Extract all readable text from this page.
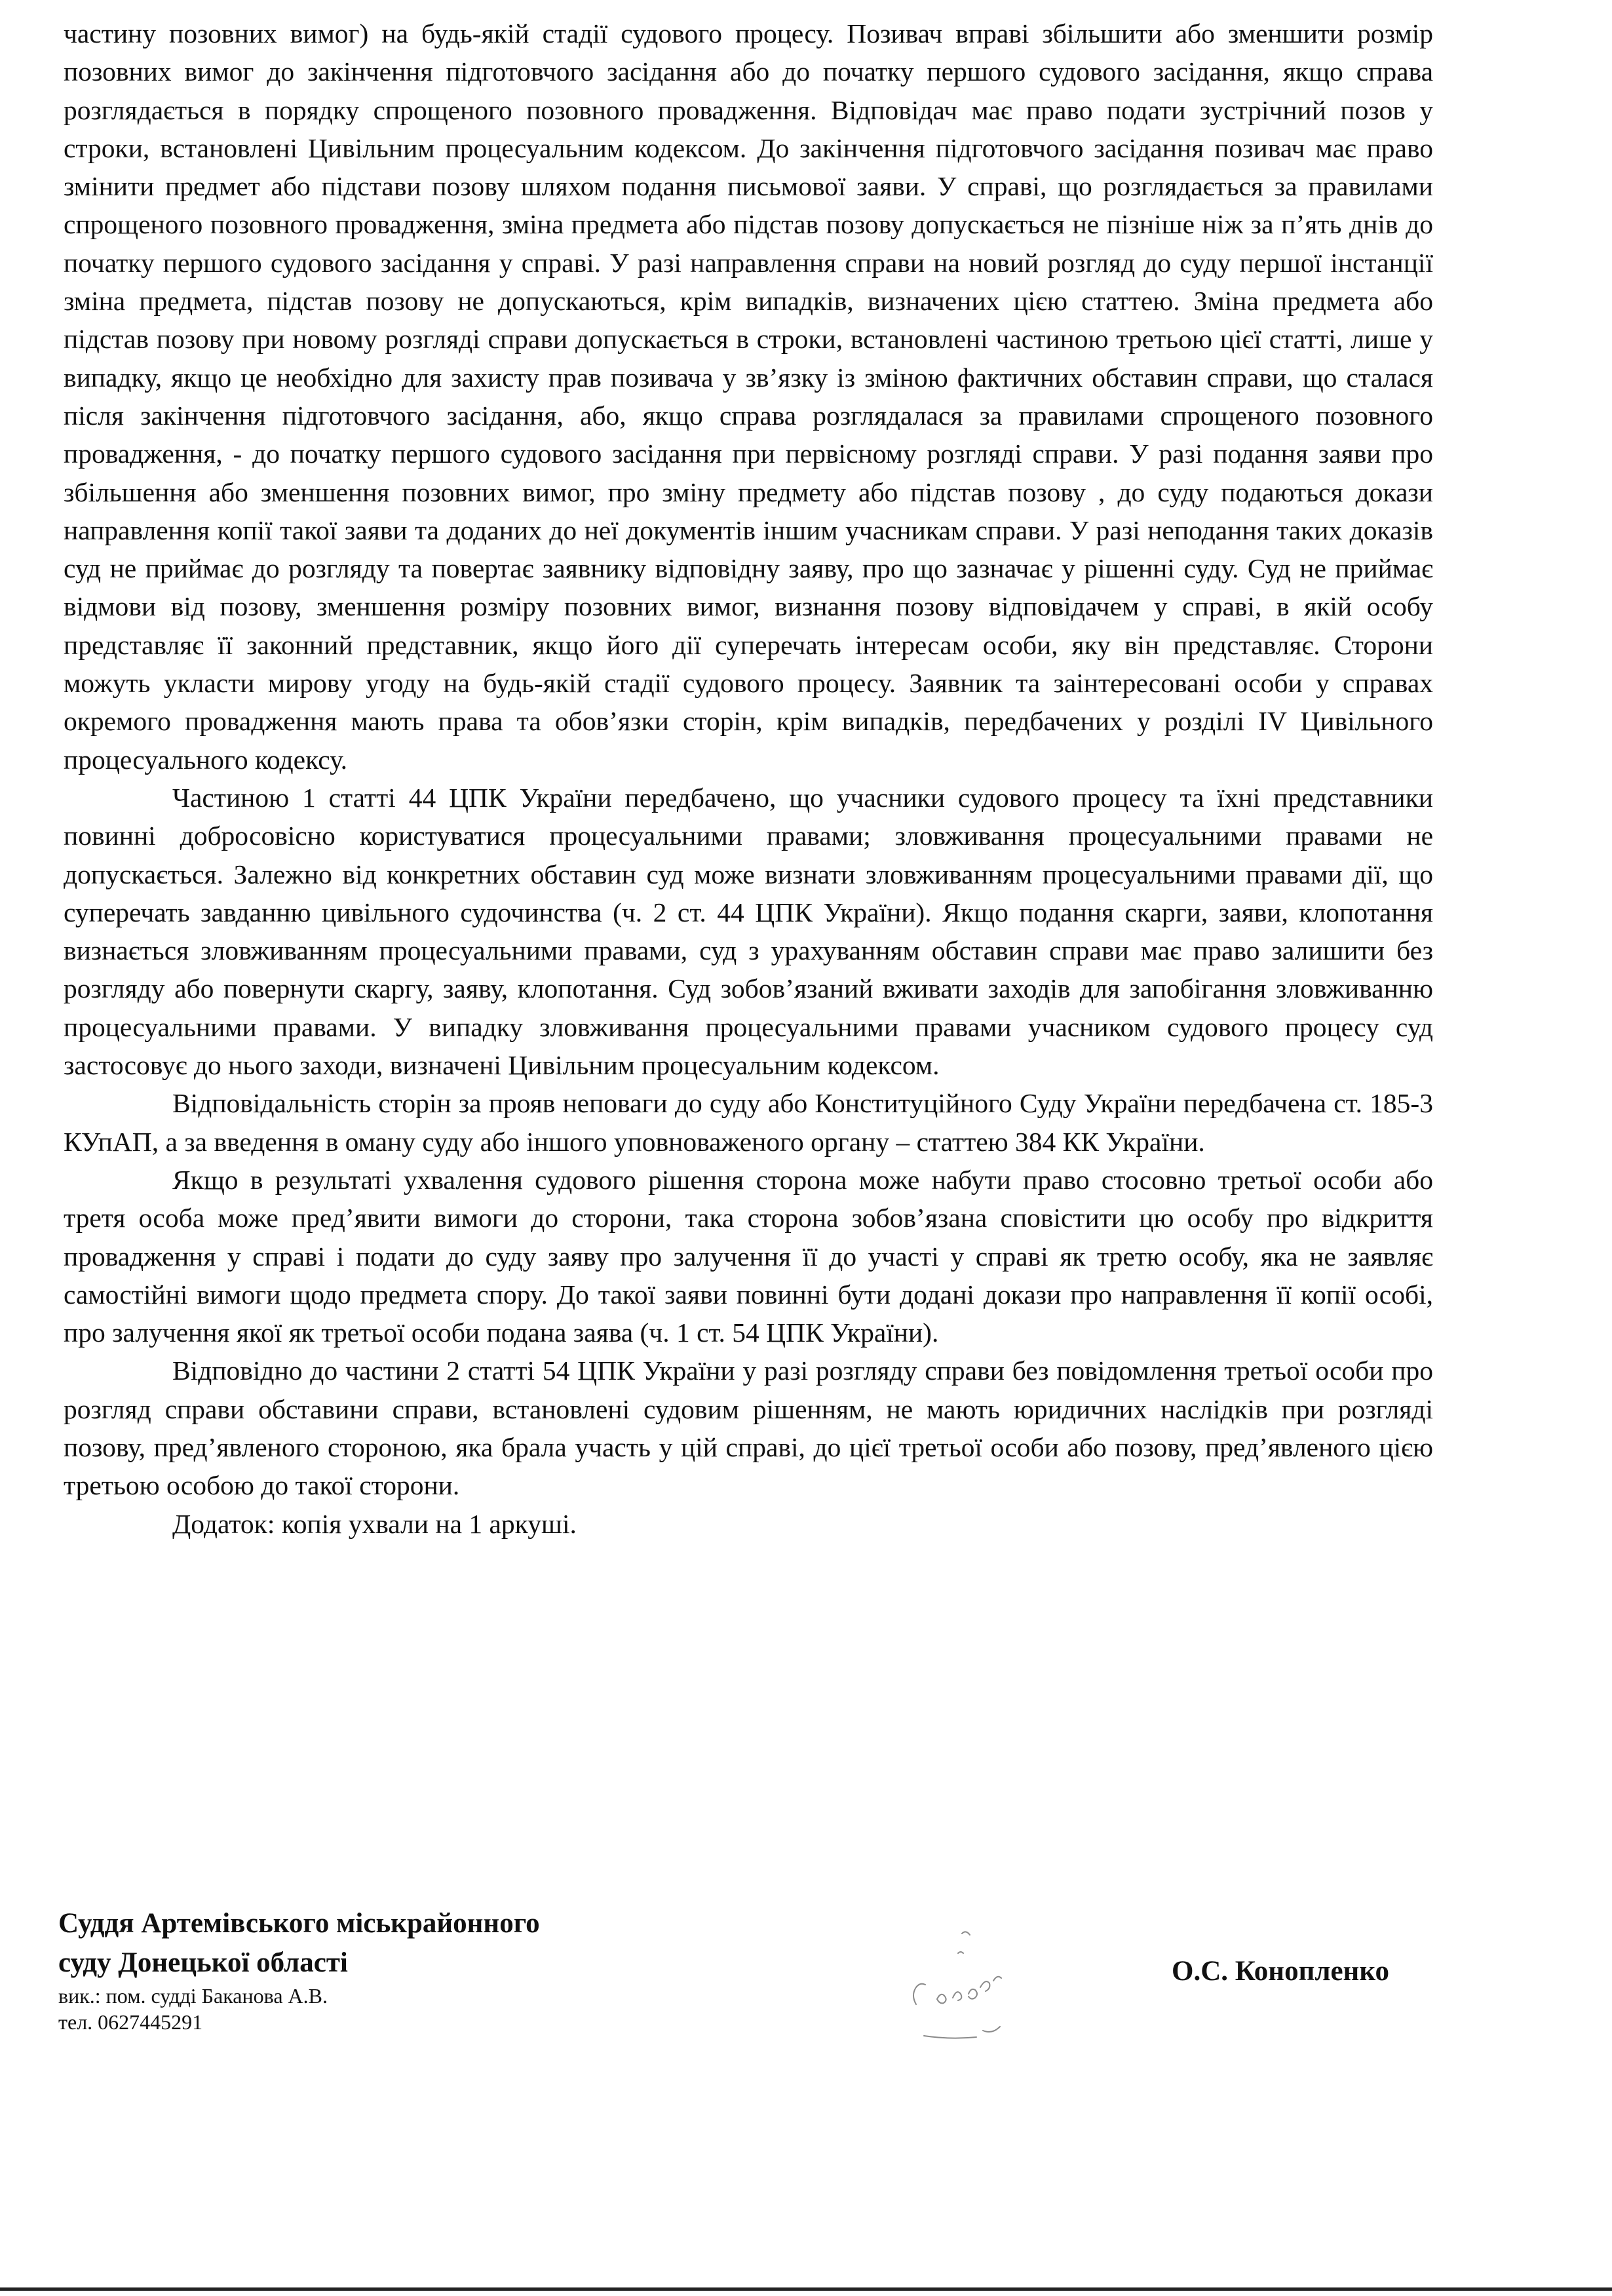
частину позовних вимог) на будь-якій стадії судового процесу. Позивач вправі збільшити або зменшити розмір позовних вимог до закінчення підготовчого засідання або до початку першого судового засідання, якщо справа розглядається в порядку спрощеного позовного провадження. Відповідач має право подати зустрічний позов у строки, встановлені Цивільним процесуальним кодексом. До закінчення підготовчого засідання позивач має право змінити предмет або підстави позову шляхом подання письмової заяви. У справі, що розглядається за правилами спрощеного позовного провадження, зміна предмета або підстав позову допускається не пізніше ніж за п’ять днів до початку першого судового засідання у справі. У разі направлення справи на новий розгляд до суду першої інстанції зміна предмета, підстав позову не допускаються, крім випадків, визначених цією статтею. Зміна предмета або підстав позову при новому розгляді справи допускається в строки, встановлені частиною третьою цієї статті, лише у випадку, якщо це необхідно для захисту прав позивача у зв’язку із зміною фактичних обставин справи, що сталася після закінчення підготовчого засідання, або, якщо справа розглядалася за правилами спрощеного позовного провадження, - до початку першого судового засідання при первісному розгляді справи. У разі подання заяви про збільшення або зменшення позовних вимог, про зміну предмету або підстав позову , до суду подаються докази направлення копії такої заяви та доданих до неї документів іншим учасникам справи. У разі неподання таких доказів суд не приймає до розгляду та повертає заявнику відповідну заяву, про що зазначає у рішенні суду. Суд не приймає відмови від позову, зменшення розміру позовних вимог, визнання позову відповідачем у справі, в якій особу представляє її законний представник, якщо його дії суперечать інтересам особи, яку він представляє. Сторони можуть укласти мирову угоду на будь-якій стадії судового процесу. Заявник та заінтересовані особи у справах окремого провадження мають права та обов’язки сторін, крім випадків, передбачених у розділі IV Цивільного процесуального кодексу.

Частиною 1 статті 44 ЦПК України передбачено, що учасники судового процесу та їхні представники повинні добросовісно користуватися процесуальними правами; зловживання процесуальними правами не допускається. Залежно від конкретних обставин суд може визнати зловживанням процесуальними правами дії, що суперечать завданню цивільного судочинства (ч. 2 ст. 44 ЦПК України). Якщо подання скарги, заяви, клопотання визнається зловживанням процесуальними правами, суд з урахуванням обставин справи має право залишити без розгляду або повернути скаргу, заяву, клопотання. Суд зобов’язаний вживати заходів для запобігання зловживанню процесуальними правами. У випадку зловживання процесуальними правами учасником судового процесу суд застосовує до нього заходи, визначені Цивільним процесуальним кодексом.

Відповідальність сторін за прояв неповаги до суду або Конституційного Суду України передбачена ст. 185-3 КУпАП, а за введення в оману суду або іншого уповноваженого органу – статтею 384 КК України.

Якщо в результаті ухвалення судового рішення сторона може набути право стосовно третьої особи або третя особа може пред’явити вимоги до сторони, така сторона зобов’язана сповістити цю особу про відкриття провадження у справі і подати до суду заяву про залучення її до участі у справі як третю особу, яка не заявляє самостійні вимоги щодо предмета спору. До такої заяви повинні бути додані докази про направлення її копії особі, про залучення якої як третьої особи подана заява (ч. 1 ст. 54 ЦПК України).

Відповідно до частини 2 статті 54 ЦПК України у разі розгляду справи без повідомлення третьої особи про розгляд справи обставини справи, встановлені судовим рішенням, не мають юридичних наслідків при розгляді позову, пред’явленого стороною, яка брала участь у цій справі, до цієї третьої особи або позову, пред’явленого цією третьою особою до такої сторони.

Додаток: копія ухвали на 1 аркуші.

Суддя Артемівського міськрайонного
суду Донецької області
вик.: пом. судді Баканова А.В.
тел. 0627445291
О.С. Конопленко
